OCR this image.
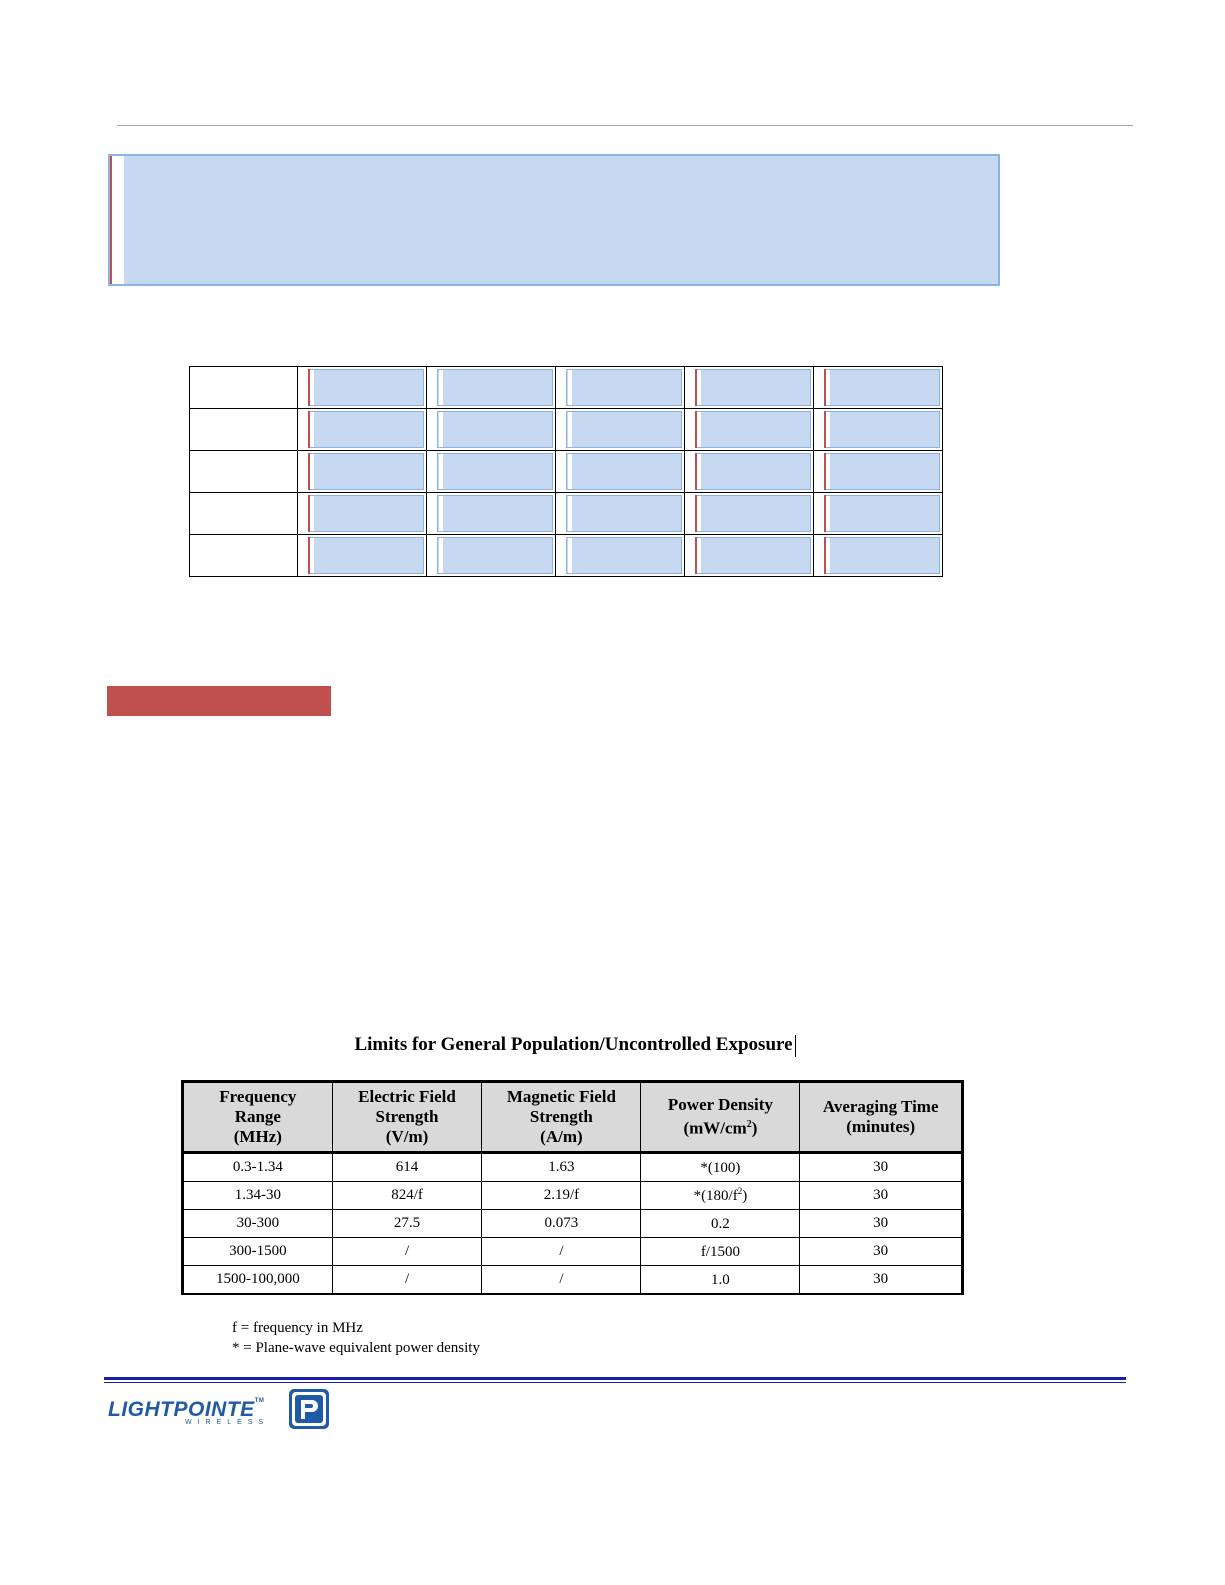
Limits for General Population/Uncontrolled Exposure
Frequency
Range
(MHz)	Electric Field
Strength
(V/m)	Magnetic Field
Strength
(A/m)	Power Density
$(mW/cm^2)$	Averaging Time
(minutes)
0.3-1.34	614	1.63	*(100)	30
1.34-30	824/f	2.19/f	$*(180/f^2)$	30
30-300	27.5	0.073	0.2	30
300-1500	/	/	f/1500	30
1500-100,000	/	/	1.0	30
f = frequency in MHz
* = Plane-wave equivalent power density
LIGHTPOINTE™
WIRELESS
